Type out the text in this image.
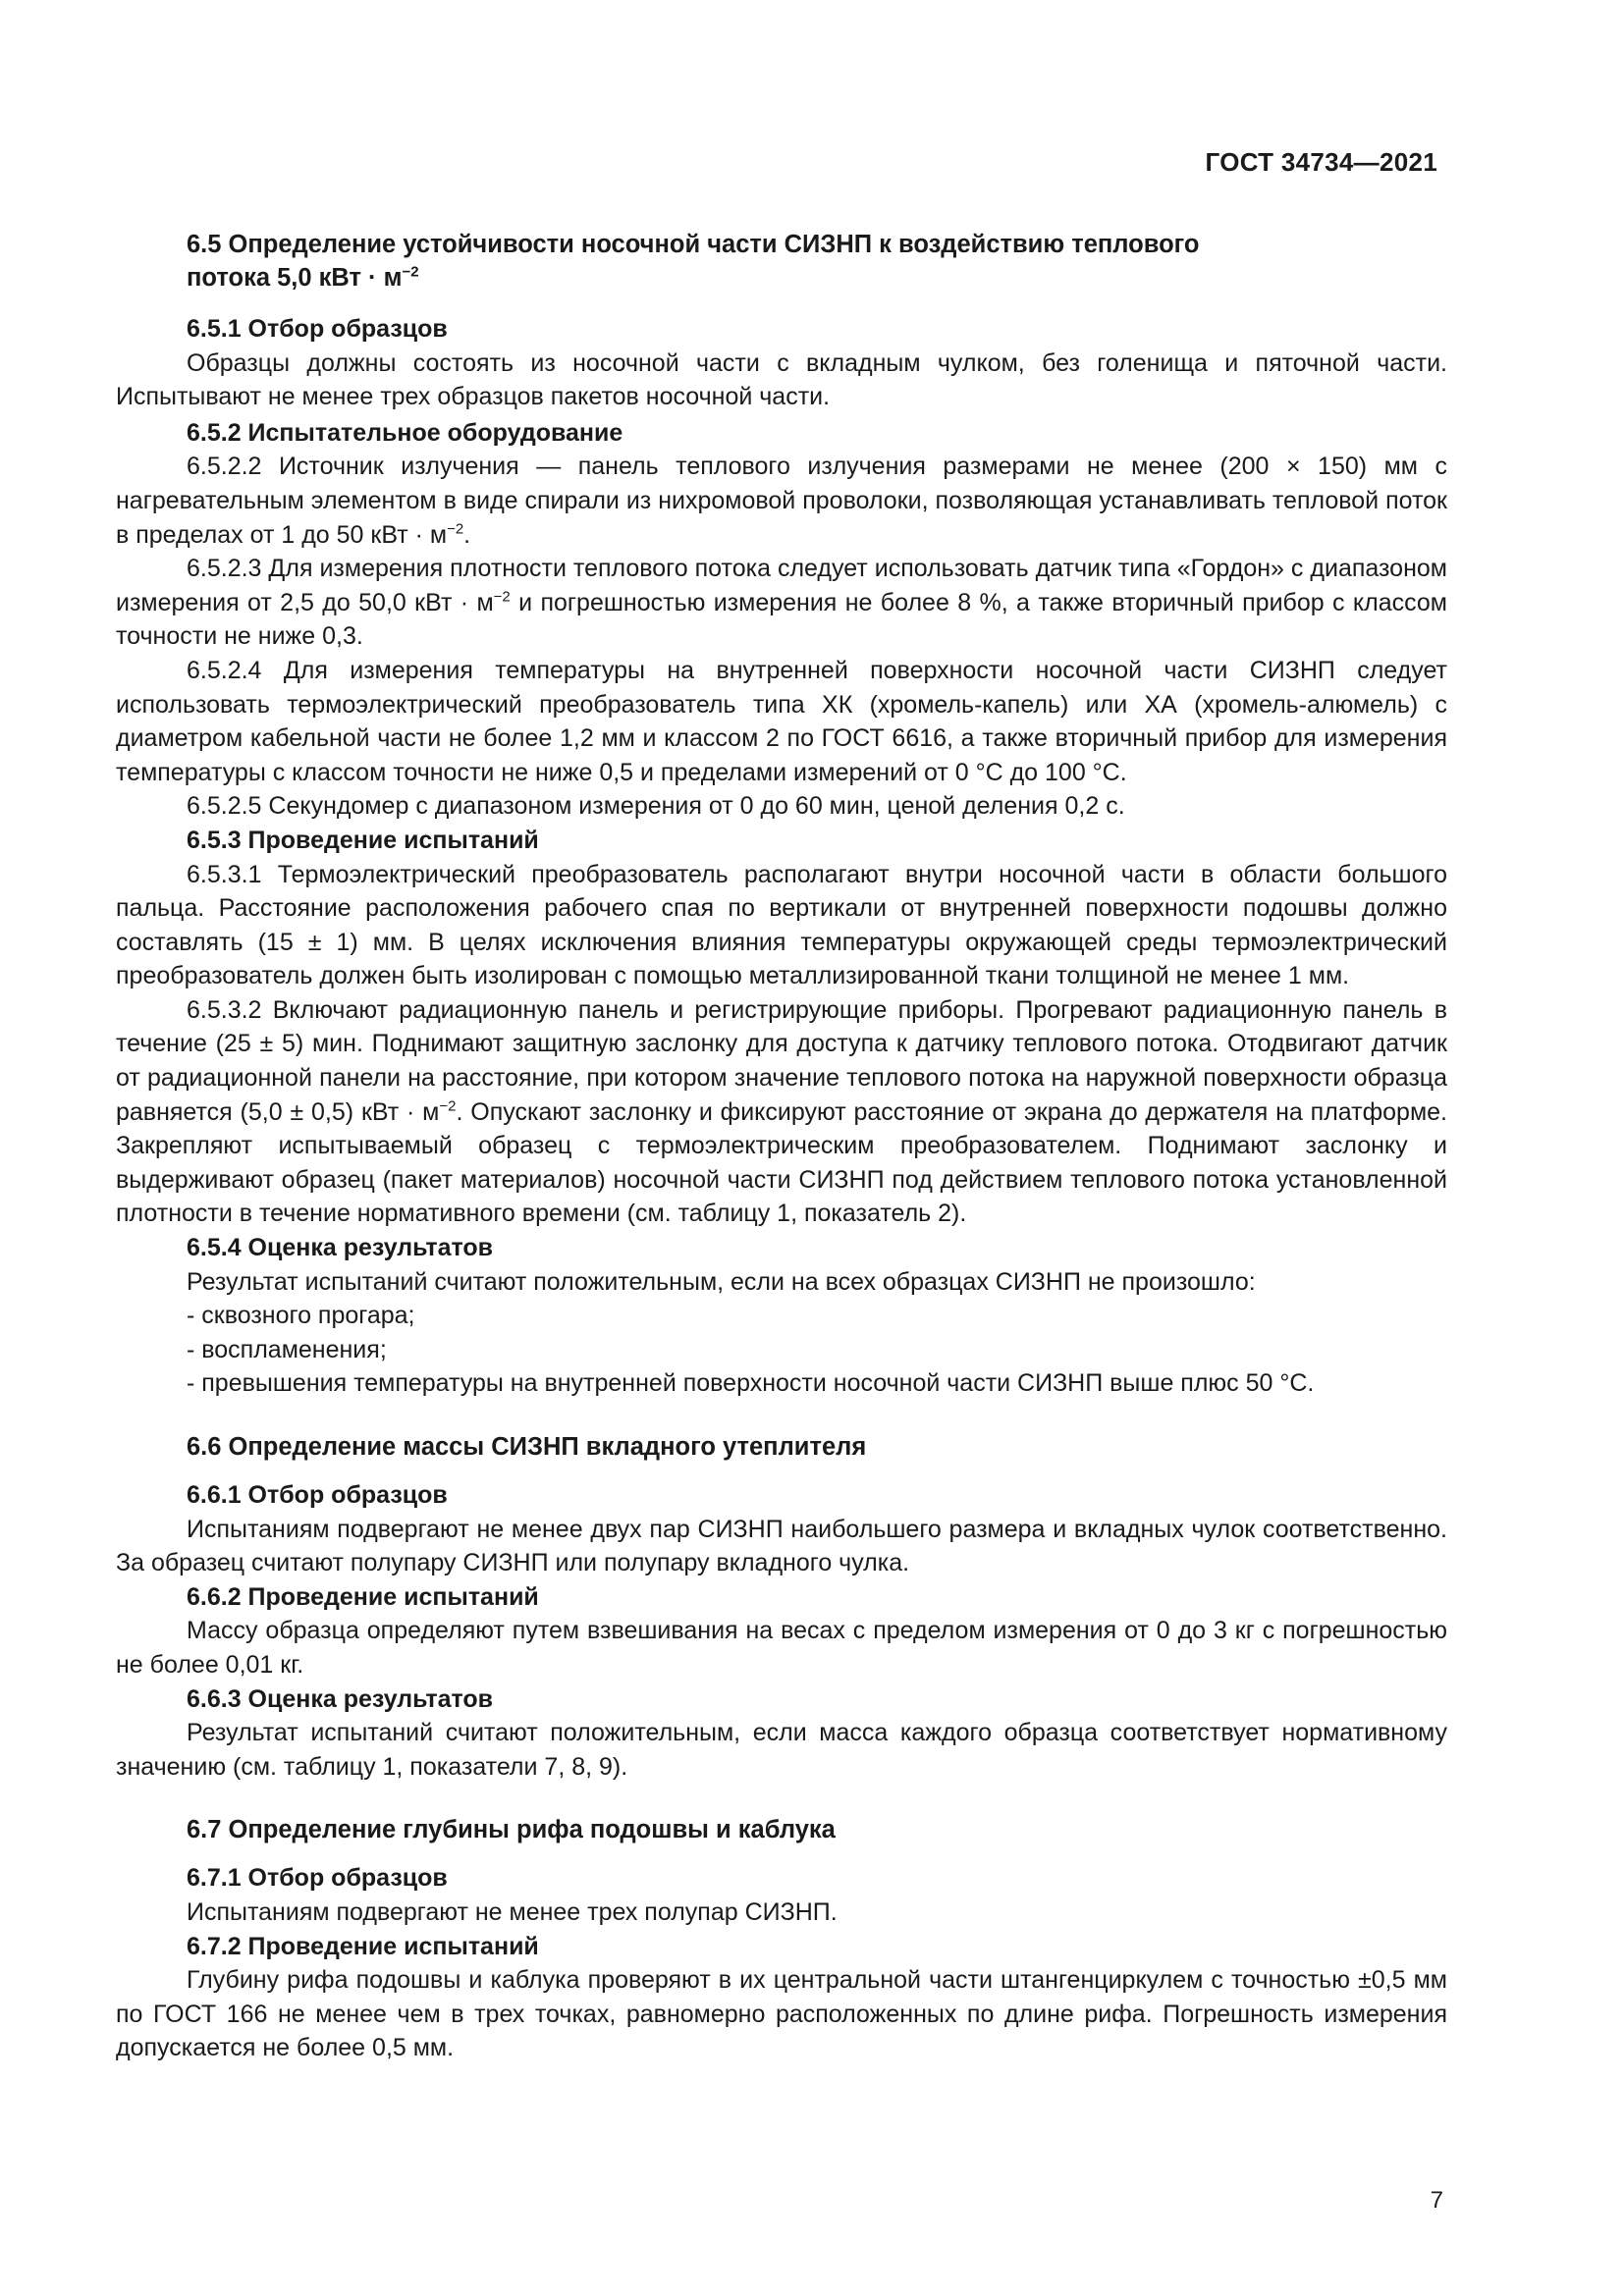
ГОСТ 34734—2021
6.5 Определение устойчивости носочной части СИЗНП к воздействию теплового
потока 5,0 кВт · $м^{-2}$
6.5.1 Отбор образцов

Образцы должны состоять из носочной части с вкладным чулком, без голенища и пяточной части. Испытывают не менее трех образцов пакетов носочной части.

6.5.2 Испытательное оборудование

6.5.2.2 Источник излучения — панель теплового излучения размерами не менее (200 × 150) мм с нагревательным элементом в виде спирали из нихромовой проволоки, позволяющая устанавливать тепловой поток в пределах от 1 до 50 кВт · $м^{-2}$.

6.5.2.3 Для измерения плотности теплового потока следует использовать датчик типа «Гордон» с диапазоном измерения от 2,5 до 50,0 кВт · $м^{-2}$ и погрешностью измерения не более 8 %, а также вторичный прибор с классом точности не ниже 0,3.

6.5.2.4 Для измерения температуры на внутренней поверхности носочной части СИЗНП следует использовать термоэлектрический преобразователь типа ХК (хромель-капель) или ХА (хромель-алюмель) с диаметром кабельной части не более 1,2 мм и классом 2 по ГОСТ 6616, а также вторичный прибор для измерения температуры с классом точности не ниже 0,5 и пределами измерений от 0 °С до 100 °С.

6.5.2.5 Секундомер с диапазоном измерения от 0 до 60 мин, ценой деления 0,2 с.

6.5.3 Проведение испытаний

6.5.3.1 Термоэлектрический преобразователь располагают внутри носочной части в области большого пальца. Расстояние расположения рабочего спая по вертикали от внутренней поверхности подошвы должно составлять (15 ± 1) мм. В целях исключения влияния температуры окружающей среды термоэлектрический преобразователь должен быть изолирован с помощью металлизированной ткани толщиной не менее 1 мм.

6.5.3.2 Включают радиационную панель и регистрирующие приборы. Прогревают радиационную панель в течение (25 ± 5) мин. Поднимают защитную заслонку для доступа к датчику теплового потока. Отодвигают датчик от радиационной панели на расстояние, при котором значение теплового потока на наружной поверхности образца равняется (5,0 ± 0,5) кВт · $м^{-2}$. Опускают заслонку и фиксируют расстояние от экрана до держателя на платформе. Закрепляют испытываемый образец с термоэлектрическим преобразователем. Поднимают заслонку и выдерживают образец (пакет материалов) носочной части СИЗНП под действием теплового потока установленной плотности в течение нормативного времени (см. таблицу 1, показатель 2).

6.5.4 Оценка результатов

Результат испытаний считают положительным, если на всех образцах СИЗНП не произошло:

- сквозного прогара;
- воспламенения;
- превышения температуры на внутренней поверхности носочной части СИЗНП выше плюс 50 °С.
6.6 Определение массы СИЗНП вкладного утеплителя
6.6.1 Отбор образцов

Испытаниям подвергают не менее двух пар СИЗНП наибольшего размера и вкладных чулок соответственно. За образец считают полупару СИЗНП или полупару вкладного чулка.

6.6.2 Проведение испытаний

Массу образца определяют путем взвешивания на весах с пределом измерения от 0 до 3 кг с погрешностью не более 0,01 кг.

6.6.3 Оценка результатов

Результат испытаний считают положительным, если масса каждого образца соответствует нормативному значению (см. таблицу 1, показатели 7, 8, 9).

6.7 Определение глубины рифа подошвы и каблука
6.7.1 Отбор образцов

Испытаниям подвергают не менее трех полупар СИЗНП.

6.7.2 Проведение испытаний

Глубину рифа подошвы и каблука проверяют в их центральной части штангенциркулем с точностью ±0,5 мм по ГОСТ 166 не менее чем в трех точках, равномерно расположенных по длине рифа. Погрешность измерения допускается не более 0,5 мм.

7
